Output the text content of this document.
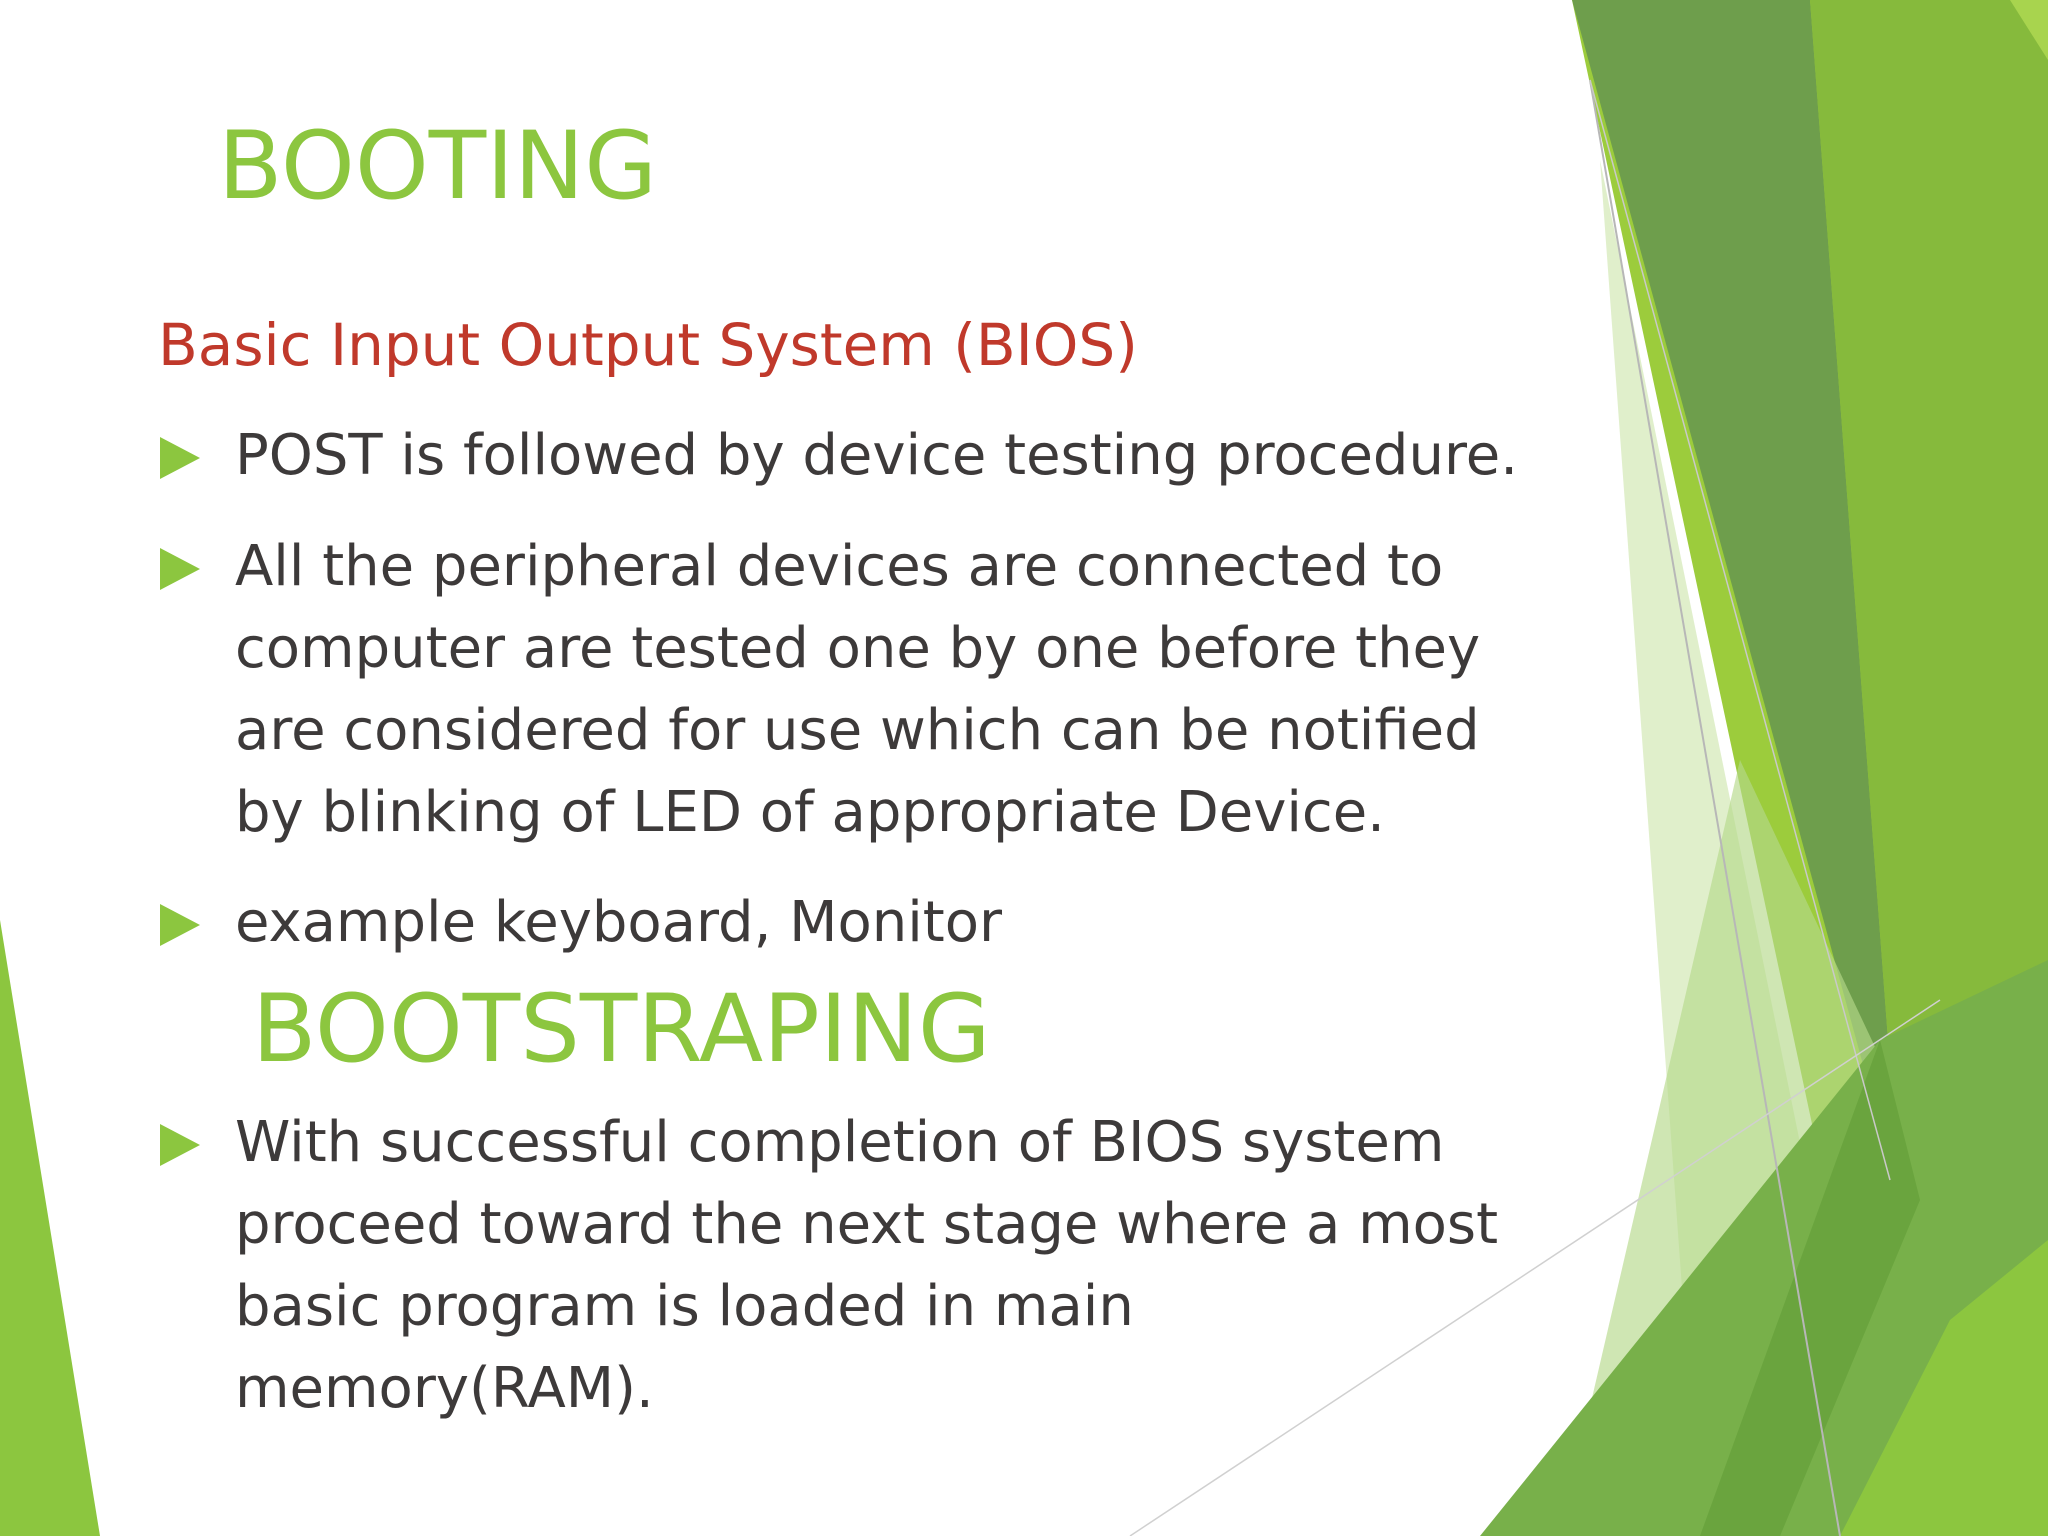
BOOTING
Basic Input Output System (BIOS)

POST is followed by device testing procedure.

All the peripheral devices are connected to
computer are tested one by one before they
are considered for use which can be notified
by blinking of LED of appropriate Device.

example keyboard, Monitor

BOOTSTRAPING

With successful completion of BIOS system
proceed toward the next stage where a most
basic program is loaded in main
memory(RAM).
